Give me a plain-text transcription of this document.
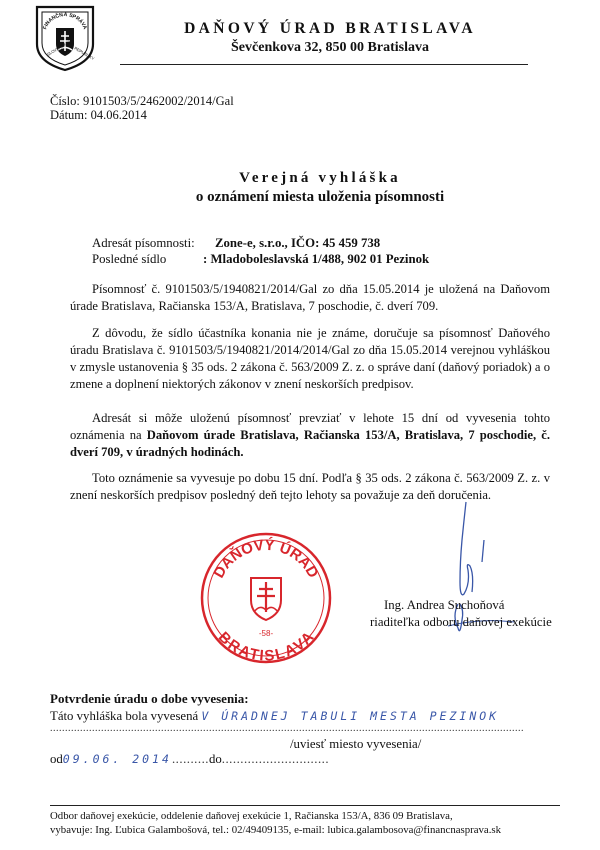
FINANČNÁ SPRÁVA
SLOVENSKEJ REPUBLIKY
DAŇOVÝ ÚRAD BRATISLAVA
Ševčenkova 32, 850 00 Bratislava
Číslo: 9101503/5/2462002/2014/Gal
Dátum: 04.06.2014
Verejná vyhláška
o oznámení miesta uloženia písomnosti
Adresát písomnosti: Zone-e, s.r.o., IČO: 45 459 738
Posledné sídlo	: Mladoboleslavská 1/488, 902 01 Pezinok
Písomnosť č. 9101503/5/1940821/2014/Gal zo dňa 15.05.2014 je uložená na Daňovom úrade Bratislava, Račianska 153/A, Bratislava, 7 poschodie, č. dverí 709.
Z dôvodu, že sídlo účastníka konania nie je známe, doručuje sa písomnosť Daňového úradu Bratislava č. 9101503/5/1940821/2014/2014/Gal zo dňa 15.05.2014 verejnou vyhláškou v zmysle ustanovenia § 35 ods. 2 zákona č. 563/2009 Z. z. o správe daní (daňový poriadok) a o zmene a doplnení niektorých zákonov v znení neskorších predpisov.
Adresát si môže uloženú písomnosť prevziať v lehote 15 dní od vyvesenia tohto oznámenia na Daňovom úrade Bratislava, Račianska 153/A, Bratislava, 7 poschodie, č. dverí 709, v úradných hodinách.
Toto oznámenie sa vyvesuje po dobu 15 dní. Podľa § 35 ods. 2 zákona č. 563/2009 Z. z. v znení neskorších predpisov posledný deň tejto lehoty sa považuje za deň doručenia.
DAŇOVÝ ÚRAD
BRATISLAVA
-58-
Ing. Andrea Suchoňová
riaditeľka odboru daňovej exekúcie
Potvrdenie úradu o dobe vyvesenia:
Táto vyhláška bola vyvesená V ÚRADNEJ TABULI MESTA PEZINOK
..............................................................................................................................................................
/uviesť miesto vyvesenia/
od09.06. 2014..........do.............................
Odbor daňovej exekúcie, oddelenie daňovej exekúcie 1, Račianska 153/A, 836 09 Bratislava,
vybavuje: Ing. Ľubica Galambošová, tel.: 02/49409135, e-mail: lubica.galambosova@financnasprava.sk
